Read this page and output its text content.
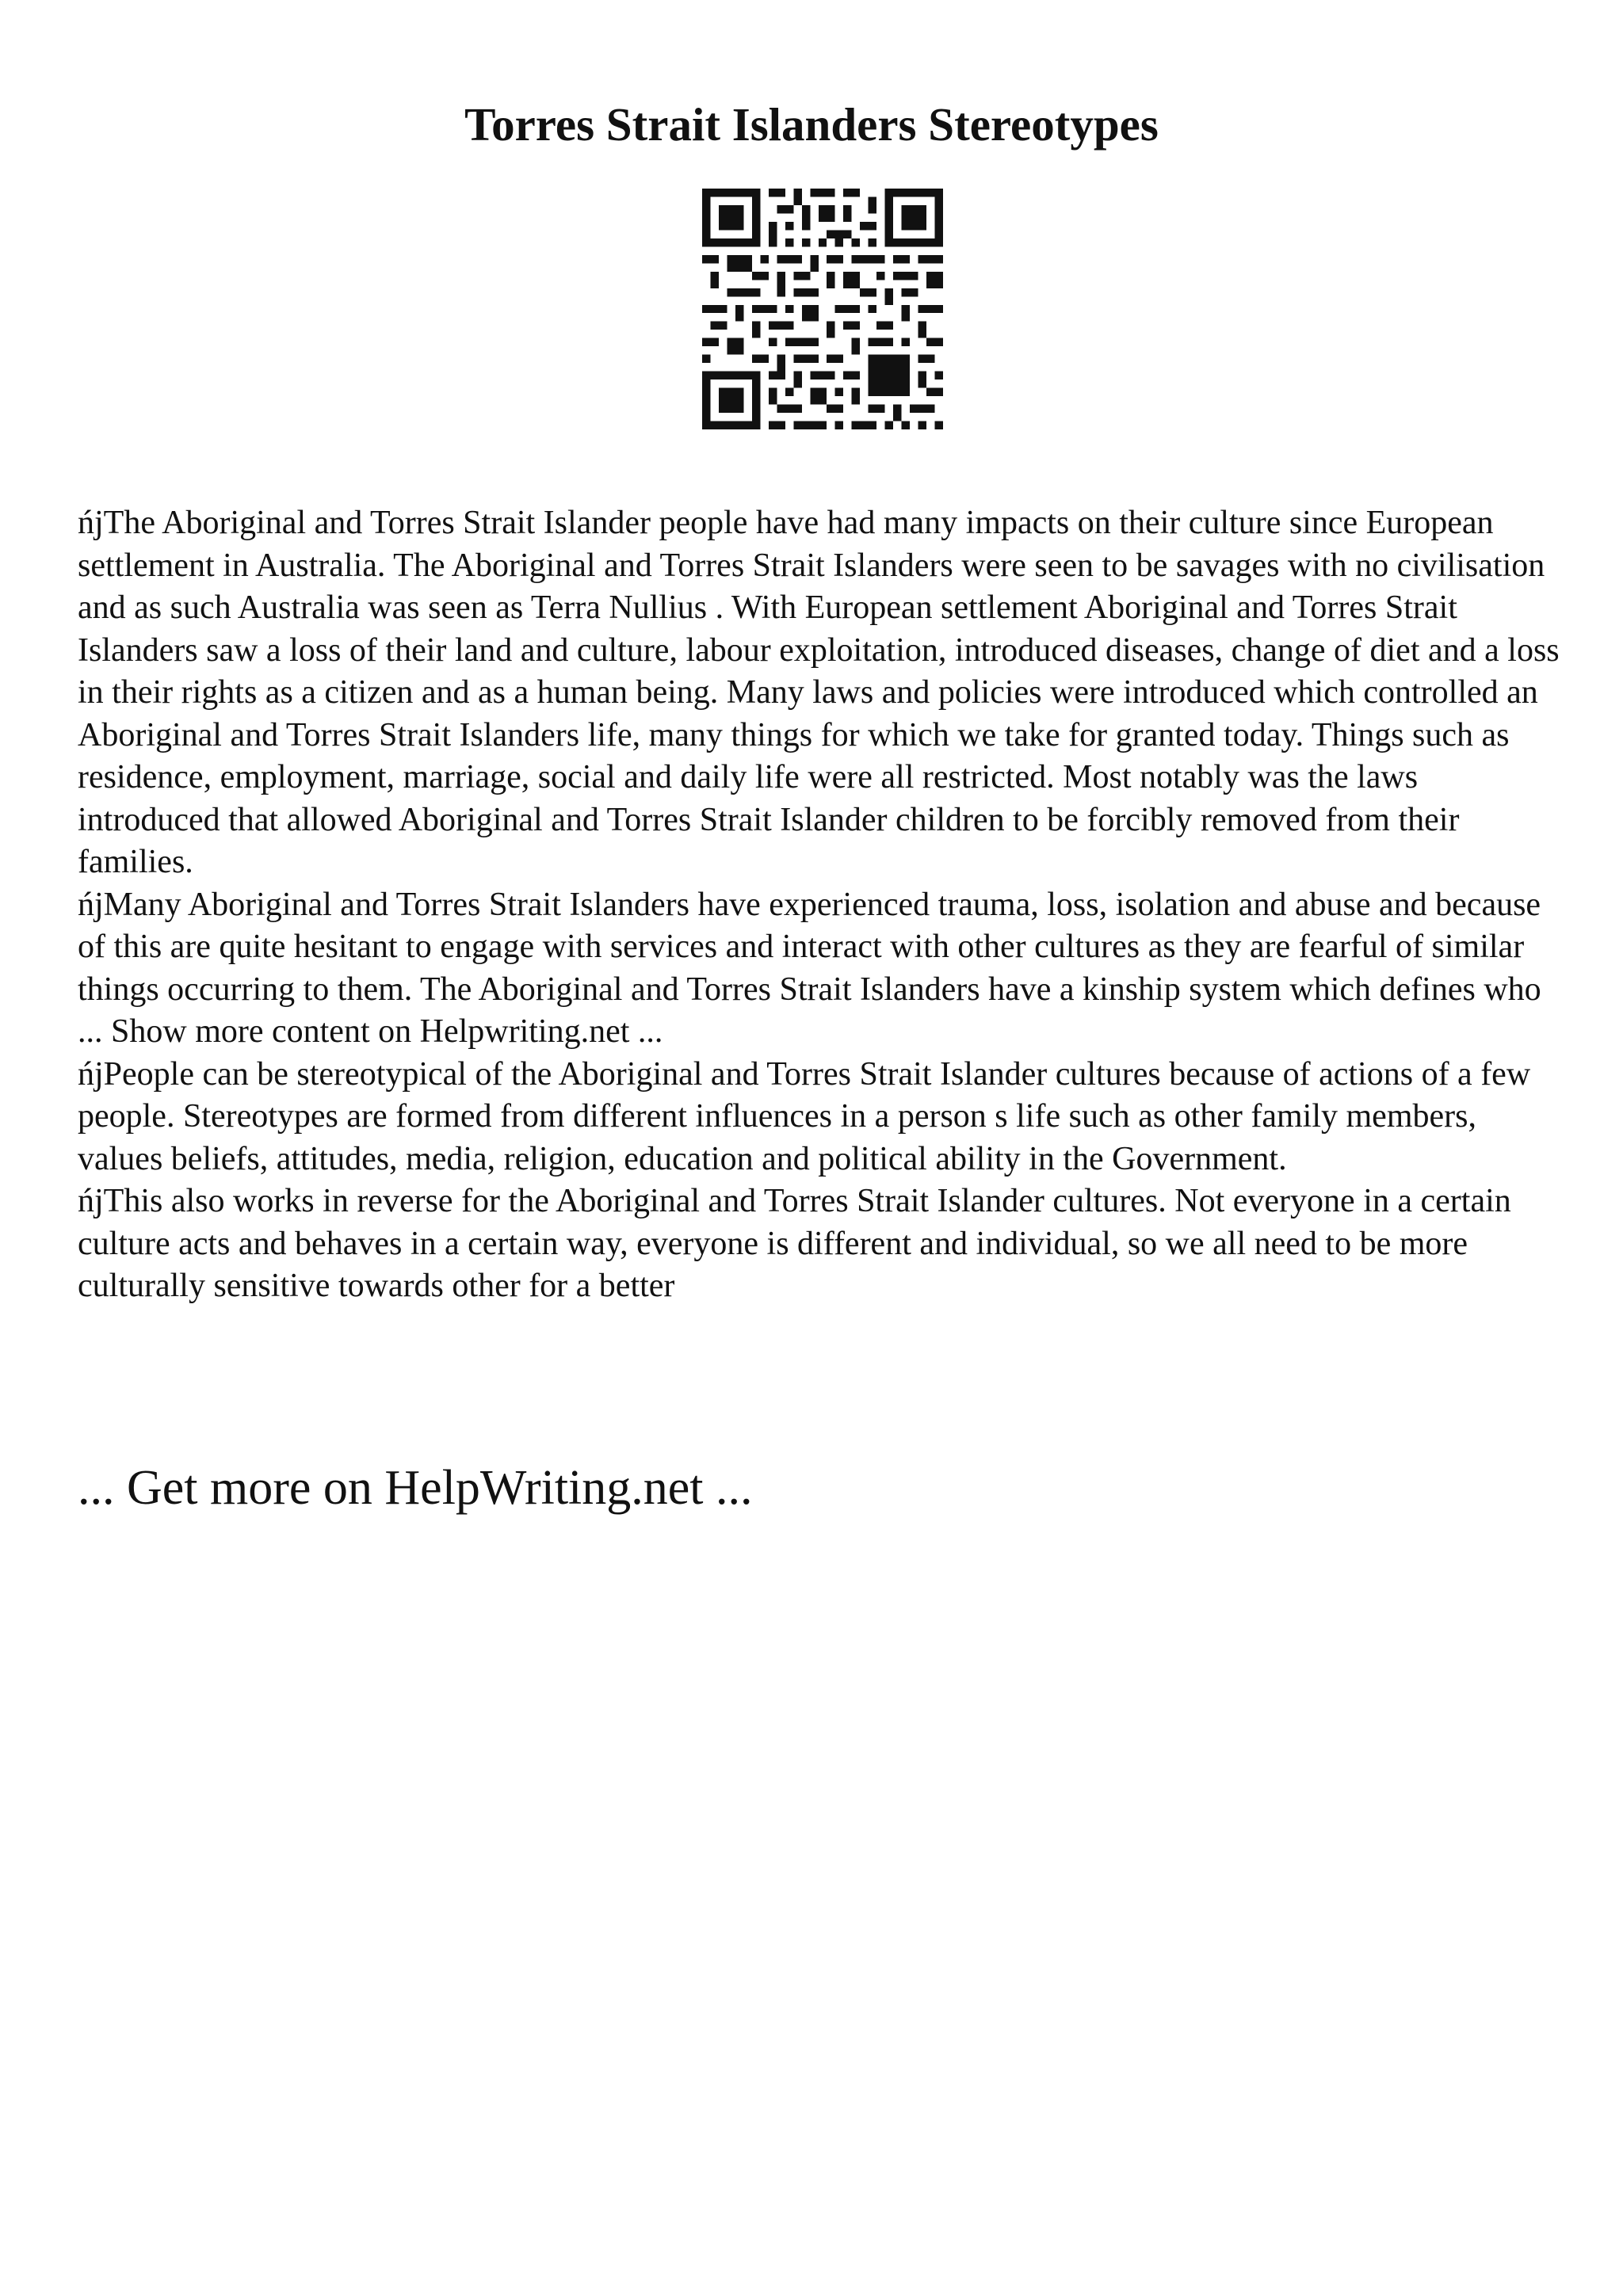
Torres Strait Islanders Stereotypes

ńjThe Aboriginal and Torres Strait Islander people have had many impacts on their culture since European settlement in Australia. The Aboriginal and Torres Strait Islanders were seen to be savages with no civilisation and as such Australia was seen as Terra Nullius . With European settlement Aboriginal and Torres Strait Islanders saw a loss of their land and culture, labour exploitation, introduced diseases, change of diet and a loss in their rights as a citizen and as a human being. Many laws and policies were introduced which controlled an Aboriginal and Torres Strait Islanders life, many things for which we take for granted today. Things such as residence, employment, marriage, social and daily life were all restricted. Most notably was the laws introduced that allowed Aboriginal and Torres Strait Islander children to be forcibly removed from their families.

ńjMany Aboriginal and Torres Strait Islanders have experienced trauma, loss, isolation and abuse and because of this are quite hesitant to engage with services and interact with other cultures as they are fearful of similar things occurring to them. The Aboriginal and Torres Strait Islanders have a kinship system which defines who ... Show more content on Helpwriting.net ...

ńjPeople can be stereotypical of the Aboriginal and Torres Strait Islander cultures because of actions of a few people. Stereotypes are formed from different influences in a person s life such as other family members, values beliefs, attitudes, media, religion, education and political ability in the Government.

ńjThis also works in reverse for the Aboriginal and Torres Strait Islander cultures. Not everyone in a certain culture acts and behaves in a certain way, everyone is different and individual, so we all need to be more culturally sensitive towards other for a better

... Get more on HelpWriting.net ...
